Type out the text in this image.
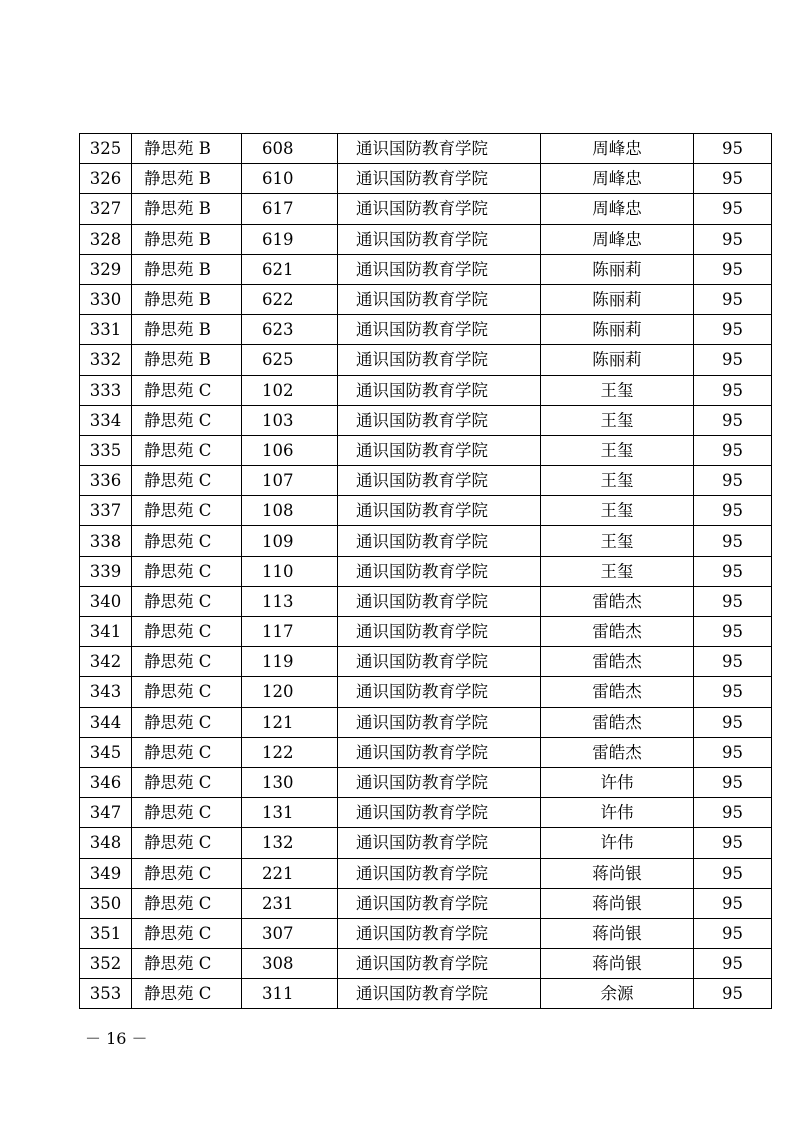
325	静思苑 B	608	通识国防教育学院	周峰忠	95
326	静思苑 B	610	通识国防教育学院	周峰忠	95
327	静思苑 B	617	通识国防教育学院	周峰忠	95
328	静思苑 B	619	通识国防教育学院	周峰忠	95
329	静思苑 B	621	通识国防教育学院	陈丽莉	95
330	静思苑 B	622	通识国防教育学院	陈丽莉	95
331	静思苑 B	623	通识国防教育学院	陈丽莉	95
332	静思苑 B	625	通识国防教育学院	陈丽莉	95
333	静思苑 C	102	通识国防教育学院	王玺	95
334	静思苑 C	103	通识国防教育学院	王玺	95
335	静思苑 C	106	通识国防教育学院	王玺	95
336	静思苑 C	107	通识国防教育学院	王玺	95
337	静思苑 C	108	通识国防教育学院	王玺	95
338	静思苑 C	109	通识国防教育学院	王玺	95
339	静思苑 C	110	通识国防教育学院	王玺	95
340	静思苑 C	113	通识国防教育学院	雷皓杰	95
341	静思苑 C	117	通识国防教育学院	雷皓杰	95
342	静思苑 C	119	通识国防教育学院	雷皓杰	95
343	静思苑 C	120	通识国防教育学院	雷皓杰	95
344	静思苑 C	121	通识国防教育学院	雷皓杰	95
345	静思苑 C	122	通识国防教育学院	雷皓杰	95
346	静思苑 C	130	通识国防教育学院	许伟	95
347	静思苑 C	131	通识国防教育学院	许伟	95
348	静思苑 C	132	通识国防教育学院	许伟	95
349	静思苑 C	221	通识国防教育学院	蒋尚银	95
350	静思苑 C	231	通识国防教育学院	蒋尚银	95
351	静思苑 C	307	通识国防教育学院	蒋尚银	95
352	静思苑 C	308	通识国防教育学院	蒋尚银	95
353	静思苑 C	311	通识国防教育学院	余源	95
－ 16 －
